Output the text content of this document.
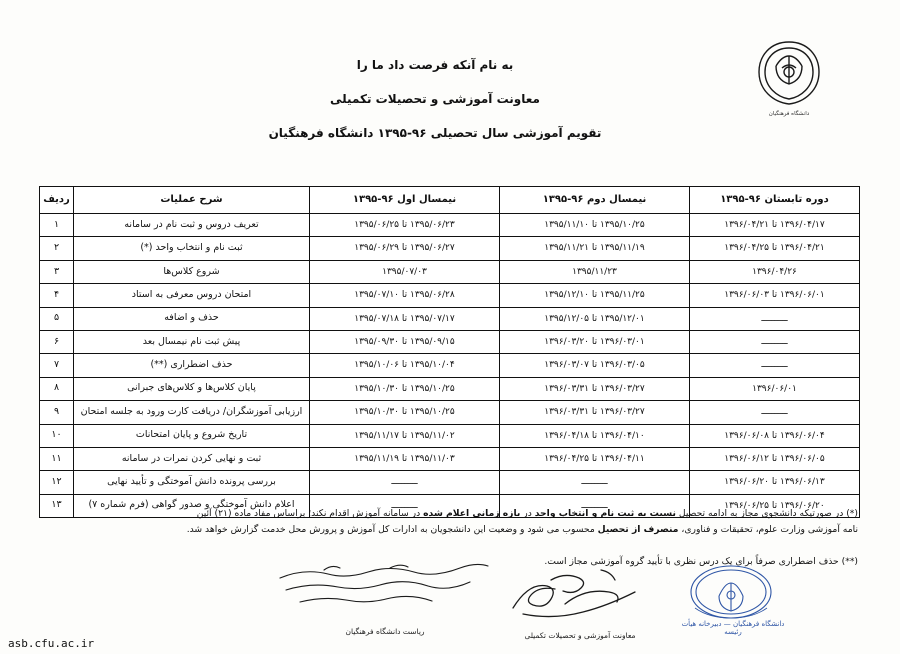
دانشگاه فرهنگیان
به نام آنکه فرصت داد ما را
معاونت آموزشی و تحصیلات تکمیلی
تقویم آموزشی سال تحصیلی ۹۶-۱۳۹۵ دانشگاه فرهنگیان
دوره تابستان ۹۶-۱۳۹۵	نیمسال دوم ۹۶-۱۳۹۵	نیمسال اول ۹۶-۱۳۹۵	شرح عملیات	ردیف
۱۳۹۶/۰۴/۱۷ تا ۱۳۹۶/۰۴/۲۱	۱۳۹۵/۱۰/۲۵ تا ۱۳۹۵/۱۱/۱۰	۱۳۹۵/۰۶/۲۳ تا ۱۳۹۵/۰۶/۲۵	تعریف دروس و ثبت نام در سامانه	۱
۱۳۹۶/۰۴/۲۱ تا ۱۳۹۶/۰۴/۲۵	۱۳۹۵/۱۱/۱۹ تا ۱۳۹۵/۱۱/۲۱	۱۳۹۵/۰۶/۲۷ تا ۱۳۹۵/۰۶/۲۹	ثبت نام و انتخاب واحد (*)	۲
۱۳۹۶/۰۴/۲۶	۱۳۹۵/۱۱/۲۳	۱۳۹۵/۰۷/۰۳	شروع کلاس‌ها	۳
۱۳۹۶/۰۶/۰۱ تا ۱۳۹۶/۰۶/۰۳	۱۳۹۵/۱۱/۲۵ تا ۱۳۹۵/۱۲/۱۰	۱۳۹۵/۰۶/۲۸ تا ۱۳۹۵/۰۷/۱۰	امتحان دروس معرفی به استاد	۴
ــــــــــ	۱۳۹۵/۱۲/۰۱ تا ۱۳۹۵/۱۲/۰۵	۱۳۹۵/۰۷/۱۷ تا ۱۳۹۵/۰۷/۱۸	حذف و اضافه	۵
ــــــــــ	۱۳۹۶/۰۳/۰۱ تا ۱۳۹۶/۰۳/۲۰	۱۳۹۵/۰۹/۱۵ تا ۱۳۹۵/۰۹/۳۰	پیش ثبت نام نیمسال بعد	۶
ــــــــــ	۱۳۹۶/۰۳/۰۵ تا ۱۳۹۶/۰۳/۰۷	۱۳۹۵/۱۰/۰۴ تا ۱۳۹۵/۱۰/۰۶	حذف اضطراری (**)	۷
۱۳۹۶/۰۶/۰۱	۱۳۹۶/۰۳/۲۷ تا ۱۳۹۶/۰۳/۳۱	۱۳۹۵/۱۰/۲۵ تا ۱۳۹۵/۱۰/۳۰	پایان کلاس‌ها و کلاس‌های جبرانی	۸
ــــــــــ	۱۳۹۶/۰۳/۲۷ تا ۱۳۹۶/۰۳/۳۱	۱۳۹۵/۱۰/۲۵ تا ۱۳۹۵/۱۰/۳۰	ارزیابی آموزشگران/ دریافت کارت ورود به جلسه امتحان	۹
۱۳۹۶/۰۶/۰۴ تا ۱۳۹۶/۰۶/۰۸	۱۳۹۶/۰۴/۱۰ تا ۱۳۹۶/۰۴/۱۸	۱۳۹۵/۱۱/۰۲ تا ۱۳۹۵/۱۱/۱۷	تاریخ شروع و پایان امتحانات	۱۰
۱۳۹۶/۰۶/۰۵ تا ۱۳۹۶/۰۶/۱۲	۱۳۹۶/۰۴/۱۱ تا ۱۳۹۶/۰۴/۲۵	۱۳۹۵/۱۱/۰۳ تا ۱۳۹۵/۱۱/۱۹	ثبت و نهایی کردن نمرات در سامانه	۱۱
۱۳۹۶/۰۶/۱۳ تا ۱۳۹۶/۰۶/۲۰	ــــــــــ	ــــــــــ	بررسی پرونده دانش آموختگی و تأیید نهایی	۱۲
۱۳۹۶/۰۶/۲۰ تا ۱۳۹۶/۰۶/۲۵	ــــــــــ	ــــــــــ	اعلام دانش آموختگی و صدور گواهی (فرم شماره ۷)	۱۳
(*) در صورتیکه دانشجوی مجاز به ادامه تحصیل نسبت به ثبت نام و انتخاب واحد در بازه زمانی اعلام شده در سامانه آموزش اقدام نکند؛ براساس مفاد ماده (۲۱) آئین
نامه آموزشی وزارت علوم، تحقیقات و فناوری، منصرف از تحصیل محسوب می شود و وضعیت این دانشجویان به ادارات کل آموزش و پرورش محل خدمت گزارش خواهد شد.
(**) حذف اضطراری صرفاً برای یک درس نظری با تأیید گروه آموزشی مجاز است.
دانشگاه فرهنگیان — دبیرخانه هیأت رئیسه
معاونت آموزشی و تحصیلات تکمیلی
ریاست دانشگاه فرهنگیان
asb.cfu.ac.ir
